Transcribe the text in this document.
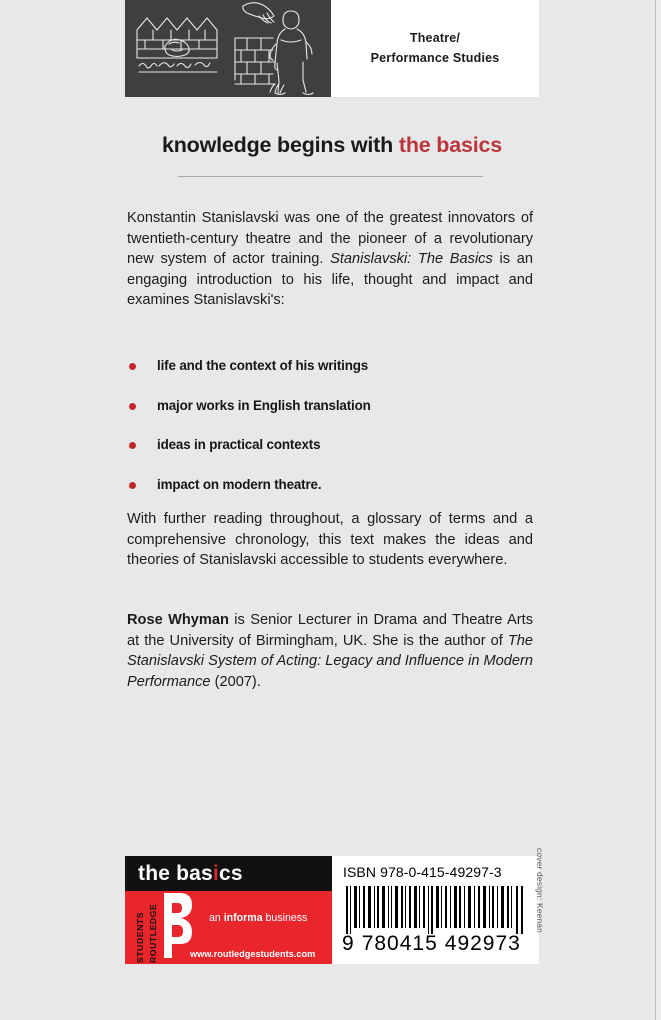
Theatre/
Performance Studies
knowledge begins with the basics
Konstantin Stanislavski was one of the greatest innovators of twentieth-century theatre and the pioneer of a revolutionary new system of actor training. Stanislavski: The Basics is an engaging introduction to his life, thought and impact and examines Stanislavski's:
life and the context of his writings
major works in English translation
ideas in practical contexts
impact on modern theatre.
With further reading throughout, a glossary of terms and a comprehensive chronology, this text makes the ideas and theories of Stanislavski accessible to students everywhere.
Rose Whyman is Senior Lecturer in Drama and Theatre Arts at the University of Birmingham, UK. She is the author of The Stanislavski System of Acting: Legacy and Influence in Modern Performance (2007).
the basics
STUDENTS ROUTLEDGE	an informa business
www.routledgestudents.com
ISBN 978-0-415-49297-3
9 780415 492973
cover design: Keenan
